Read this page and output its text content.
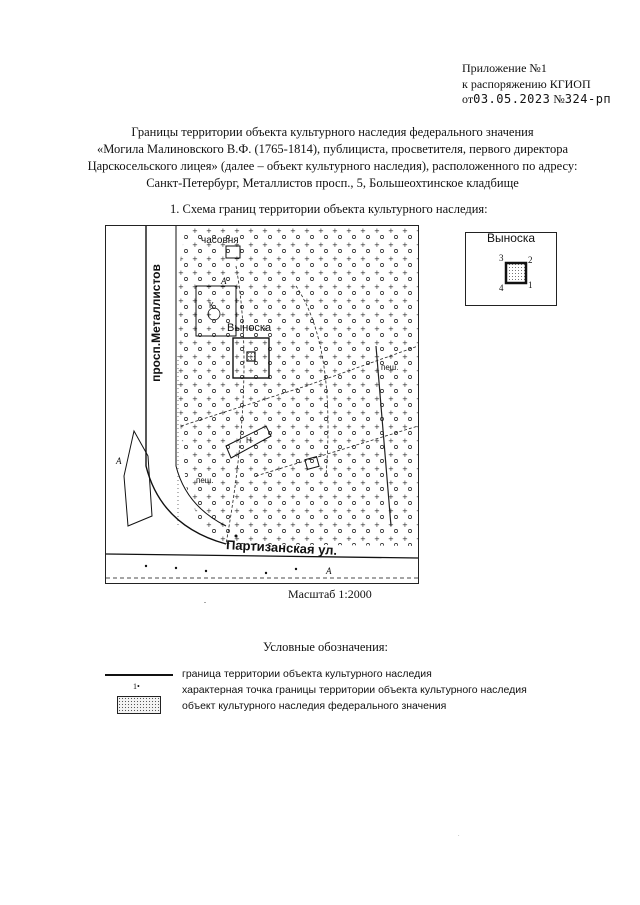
Приложение №1
к распоряжению КГИОП
от03.05.2023 №324-рп
Границы территории объекта культурного наследия федерального значения
«Могила Малиновского В.Ф. (1765-1814), публициста, просветителя, первого директора
Царскосельского лицея» (далее – объект культурного наследия), расположенного по адресу:
Санкт-Петербург, Металлистов просп., 5, Большеохтинское кладбище
1. Схема границ территории объекта культурного наследия:
часовня
просп.Металлистов
Партизанская ул.
Выноска
пеш.
пеш.
К
Н
А
А
А
Выноска
1
2
3
4
.	Масштаб 1:2000
Условные обозначения:
граница территории объекта культурного наследия
1•	характерная точка границы территории объекта культурного наследия
объект культурного наследия федерального значения
.
